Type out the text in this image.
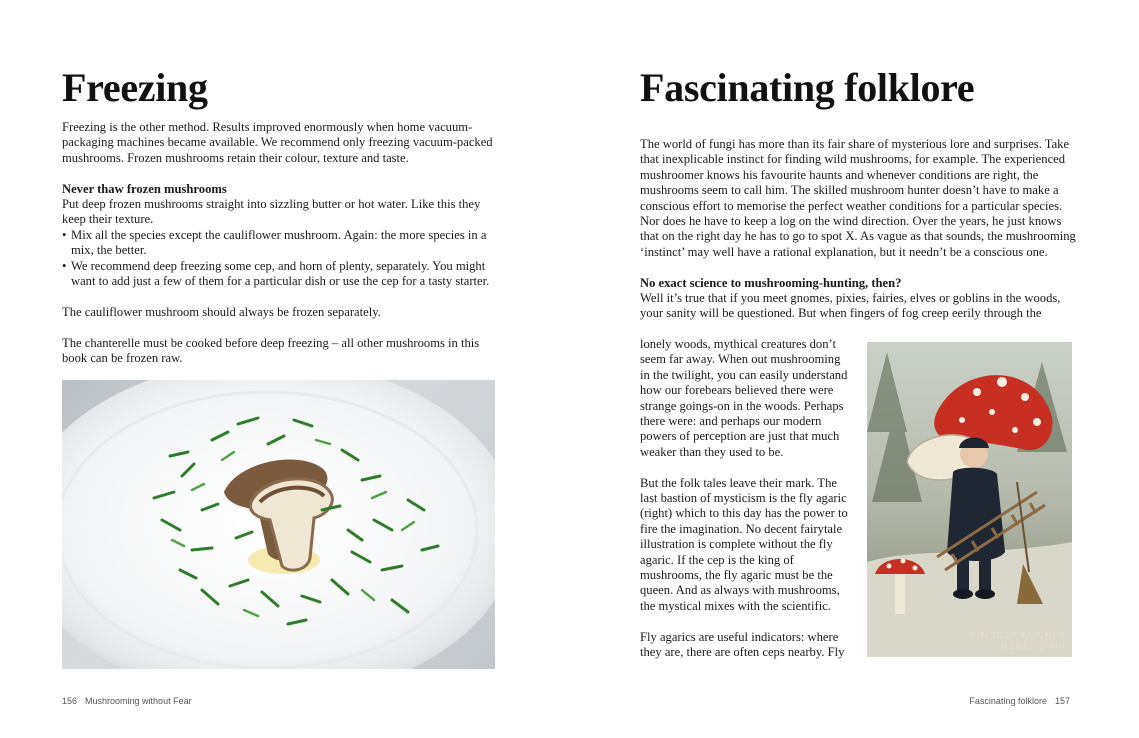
Freezing

Freezing is the other method. Results improved enormously when home vacuum-packaging machines became available. We recommend only freezing vacuum-packed mushrooms. Frozen mushrooms retain their colour, texture and taste.

Never thaw frozen mushrooms

Put deep frozen mushrooms straight into sizzling butter or hot water. Like this they keep their texture.

• Mix all the species except the cauliflower mushroom. Again: the more species in a mix, the better.
• We recommend deep freezing some cep, and horn of plenty, separately. You might want to add just a few of them for a particular dish or use the cep for a tasty starter.

The cauliflower mushroom should always be frozen separately.

The chanterelle must be cooked before deep freezing – all other mushrooms in this book can be frozen raw.

156 Mushrooming without Fear
Fascinating folklore

The world of fungi has more than its fair share of mysterious lore and surprises. Take that inexplicable instinct for finding wild mushrooms, for example. The experienced mushroomer knows his favourite haunts and whenever conditions are right, the mushrooms seem to call him. The skilled mushroom hunter doesn’t have to make a conscious effort to memorise the perfect weather conditions for a particular species. Nor does he have to keep a log on the wind direction. Over the years, he just knows that on the right day he has to go to spot X. As vague as that sounds, the mushrooming ‘instinct’ may well have a rational explanation, but it needn’t be a conscious one.

No exact science to mushrooming-hunting, then?

Well it’s true that if you meet gnomes, pixies, fairies, elves or goblins in the woods, your sanity will be questioned. But when fingers of fog creep eerily through the

lonely woods, mythical creatures don’t seem far away. When out mushrooming in the twilight, you can easily understand how our forebears believed there were strange goings-on in the woods. Perhaps there were: and perhaps our modern powers of perception are just that much weaker than they used to be.

But the folk tales leave their mark. The last bastion of mysticism is the fly agaric (right) which to this day has the power to fire the imagination. No decent fairytale illustration is complete without the fly agaric. If the cep is the king of mushrooms, the fly agaric must be the queen. And as always with mushrooms, the mystical mixes with the scientific.

Fly agarics are useful indicators: where they are, there are often ceps nearby. Fly

EIN GLÜCKLICHES
NEUES JAHR
Fascinating folklore 157
